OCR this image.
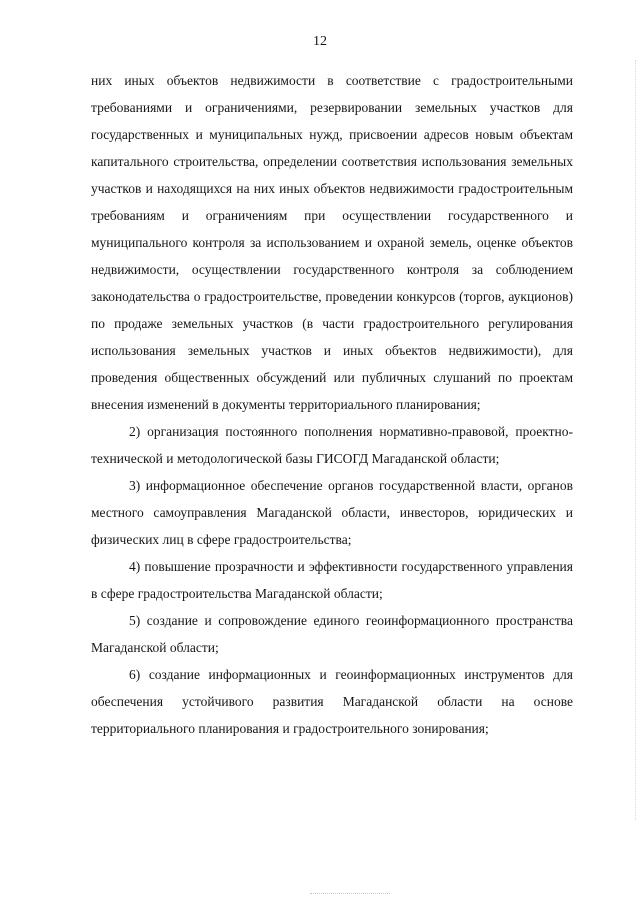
12

них иных объектов недвижимости в соответствие с градостроительными требованиями и ограничениями, резервировании земельных участков для государственных и муниципальных нужд, присвоении адресов новым объектам капитального строительства, определении соответствия использования земельных участков и находящихся на них иных объектов недвижимости градостроительным требованиям и ограничениям при осуществлении государственного и муниципального контроля за использованием и охраной земель, оценке объектов недвижимости, осуществлении государственного контроля за соблюдением законодательства о градостроительстве, проведении конкурсов (торгов, аукционов) по продаже земельных участков (в части градостроительного регулирования использования земельных участков и иных объектов недвижимости), для проведения общественных обсуждений или публичных слушаний по проектам внесения изменений в документы территориального планирования;

2) организация постоянного пополнения нормативно-правовой, проектно-технической и методологической базы ГИСОГД Магаданской области;

3) информационное обеспечение органов государственной власти, органов местного самоуправления Магаданской области, инвесторов, юридических и физических лиц в сфере градостроительства;

4) повышение прозрачности и эффективности государственного управления в сфере градостроительства Магаданской области;

5) создание и сопровождение единого геоинформационного пространства Магаданской области;

6) создание информационных и геоинформационных инструментов для обеспечения устойчивого развития Магаданской области на основе территориального планирования и градостроительного зонирования;
